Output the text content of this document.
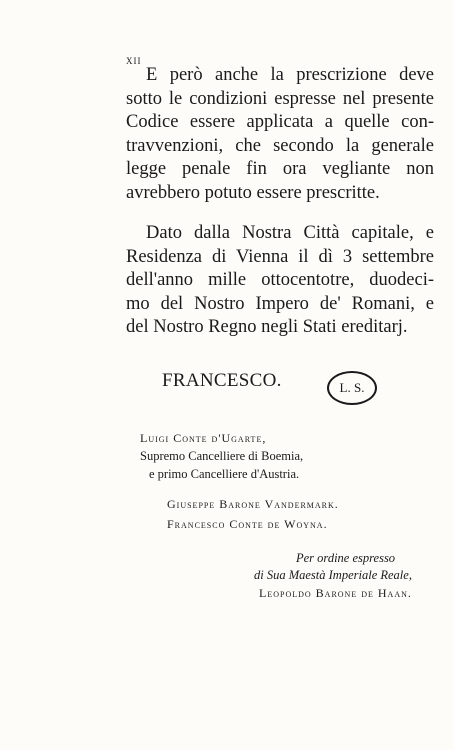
xii
E però anche la prescrizione deve
sotto le condizioni espresse nel presente
Codice essere applicata a quelle con-
travvenzioni, che secondo la generale
legge penale fin ora vegliante non
avrebbero potuto essere prescritte.
Dato dalla Nostra Città capitale, e
Residenza di Vienna il dì 3 settembre
dell'anno mille ottocentotre, duodeci-
mo del Nostro Impero de' Romani, e
del Nostro Regno negli Stati ereditarj.
FRANCESCO.	L. S.
Luigi Conte d'Ugarte,
Supremo Cancelliere di Boemia,
e primo Cancelliere d'Austria.
Giuseppe Barone Vandermark.
Francesco Conte de Woyna.
Per ordine espresso
di Sua Maestà Imperiale Reale,
Leopoldo Barone de Haan.
